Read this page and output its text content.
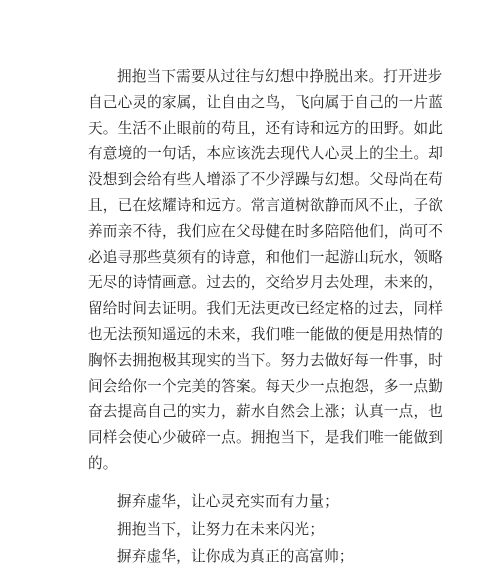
拥抱当下需要从过往与幻想中挣脱出来。打开进步
自己心灵的家属，让自由之鸟，飞向属于自己的一片蓝
天。生活不止眼前的苟且，还有诗和远方的田野。如此
有意境的一句话，本应该洗去现代人心灵上的尘土。却
没想到会给有些人增添了不少浮躁与幻想。父母尚在苟
且，已在炫耀诗和远方。常言道树欲静而风不止，子欲
养而亲不待，我们应在父母健在时多陪陪他们，尚可不
必追寻那些莫须有的诗意，和他们一起游山玩水，领略
无尽的诗情画意。过去的，交给岁月去处理，未来的，
留给时间去证明。我们无法更改已经定格的过去，同样
也无法预知遥远的未来，我们唯一能做的便是用热情的
胸怀去拥抱极其现实的当下。努力去做好每一件事，时
间会给你一个完美的答案。每天少一点抱怨，多一点勤
奋去提高自己的实力，薪水自然会上涨；认真一点，也
同样会使心少破碎一点。拥抱当下，是我们唯一能做到
的。
摒弃虚华，让心灵充实而有力量；
拥抱当下，让努力在未来闪光；
摒弃虚华，让你成为真正的高富帅；
